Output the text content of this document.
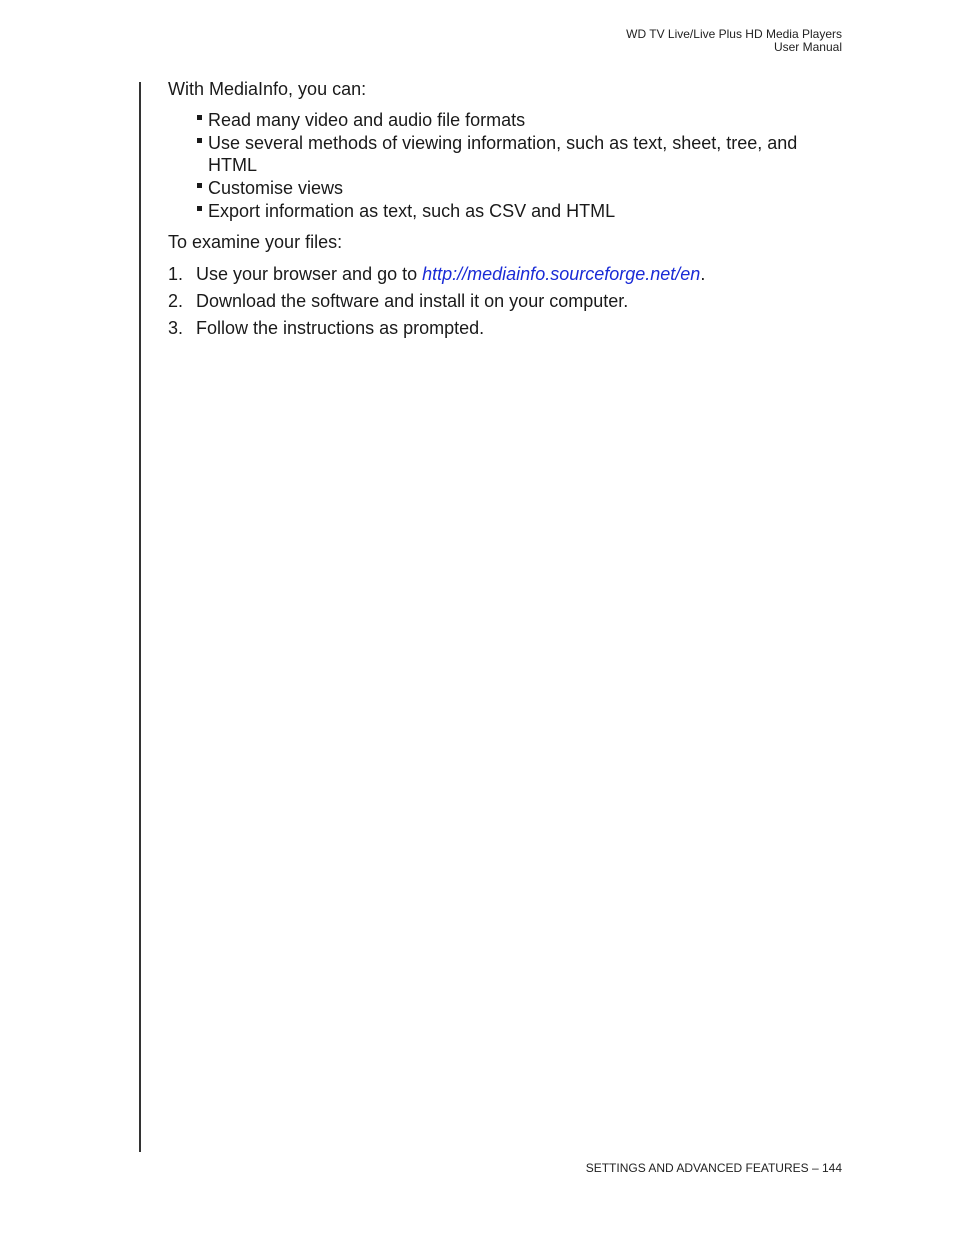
WD TV Live/Live Plus HD Media Players
User Manual

With MediaInfo, you can:

Read many video and audio file formats
Use several methods of viewing information, such as text, sheet, tree, and HTML
Customise views
Export information as text, such as CSV and HTML

To examine your files:

1. Use your browser and go to http://mediainfo.sourceforge.net/en.
2. Download the software and install it on your computer.
3. Follow the instructions as prompted.
SETTINGS AND ADVANCED FEATURES – 144
